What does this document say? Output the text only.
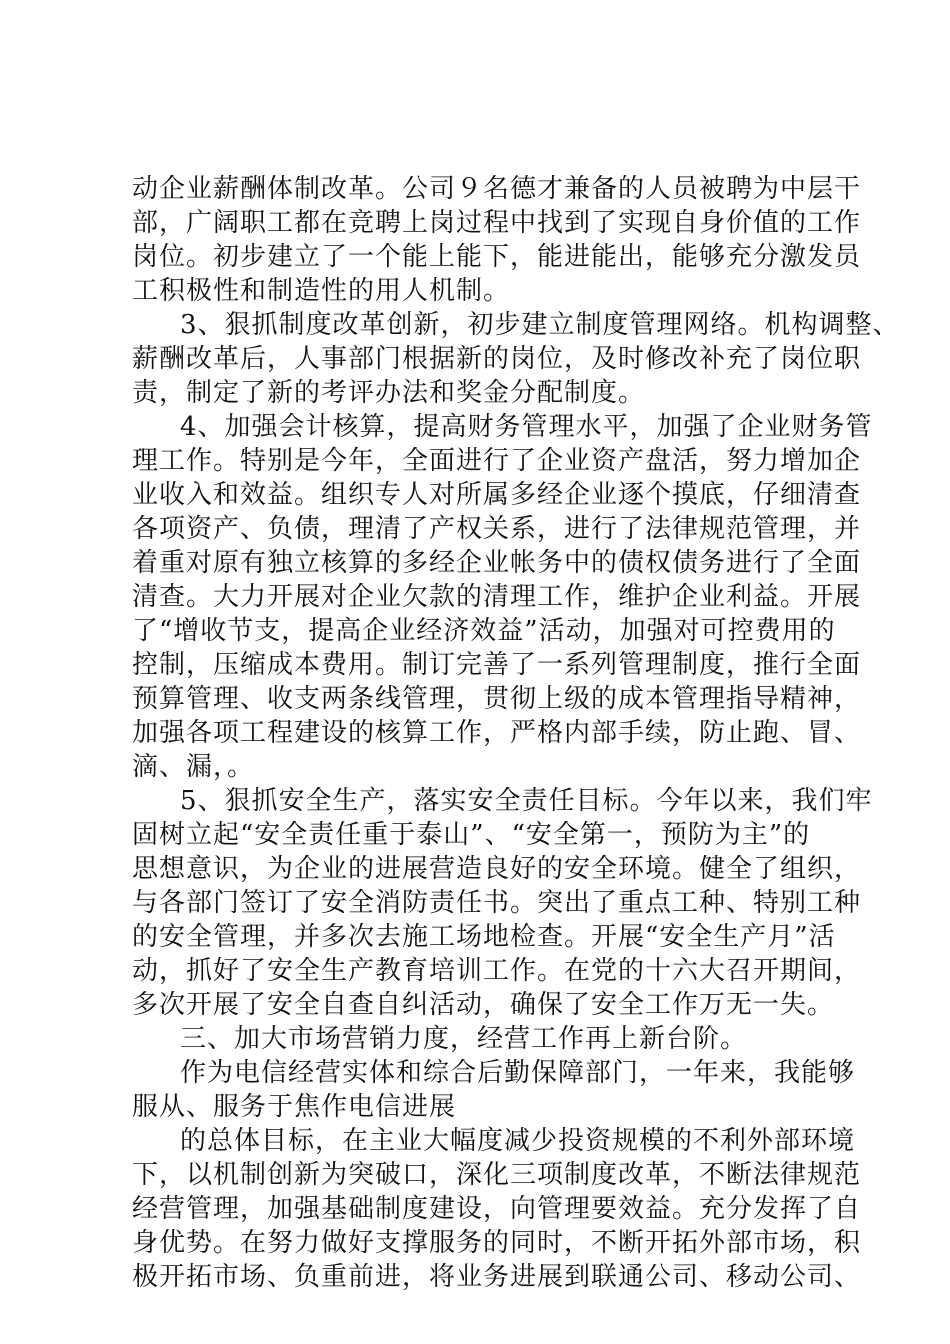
动企业薪酬体制改革。公司９名德才兼备的人员被聘为中层干
部，广阔职工都在竞聘上岗过程中找到了实现自身价值的工作
岗位。初步建立了一个能上能下，能进能出，能够充分激发员
工积极性和制造性的用人机制。
3、狠抓制度改革创新，初步建立制度管理网络。机构调整、
薪酬改革后，人事部门根据新的岗位，及时修改补充了岗位职
责，制定了新的考评办法和奖金分配制度。
4、加强会计核算，提高财务管理水平，加强了企业财务管
理工作。特别是今年，全面进行了企业资产盘活，努力增加企
业收入和效益。组织专人对所属多经企业逐个摸底，仔细清查
各项资产、负债，理清了产权关系，进行了法律规范管理，并
着重对原有独立核算的多经企业帐务中的债权债务进行了全面
清查。大力开展对企业欠款的清理工作，维护企业利益。开展
了“增收节支，提高企业经济效益”活动，加强对可控费用的
控制，压缩成本费用。制订完善了一系列管理制度，推行全面
预算管理、收支两条线管理，贯彻上级的成本管理指导精神，
加强各项工程建设的核算工作，严格内部手续，防止跑、冒、
滴、漏，。
5、狠抓安全生产，落实安全责任目标。今年以来，我们牢
固树立起“安全责任重于泰山”、“安全第一，预防为主”的
思想意识，为企业的进展营造良好的安全环境。健全了组织，
与各部门签订了安全消防责任书。突出了重点工种、特别工种
的安全管理，并多次去施工场地检查。开展“安全生产月”活
动，抓好了安全生产教育培训工作。在党的十六大召开期间，
多次开展了安全自查自纠活动，确保了安全工作万无一失。
三、加大市场营销力度，经营工作再上新台阶。
作为电信经营实体和综合后勤保障部门，一年来，我能够
服从、服务于焦作电信进展
的总体目标，在主业大幅度减少投资规模的不利外部环境
下，以机制创新为突破口，深化三项制度改革，不断法律规范
经营管理，加强基础制度建设，向管理要效益。充分发挥了自
身优势。在努力做好支撑服务的同时，不断开拓外部市场，积
极开拓市场、负重前进，将业务进展到联通公司、移动公司、
